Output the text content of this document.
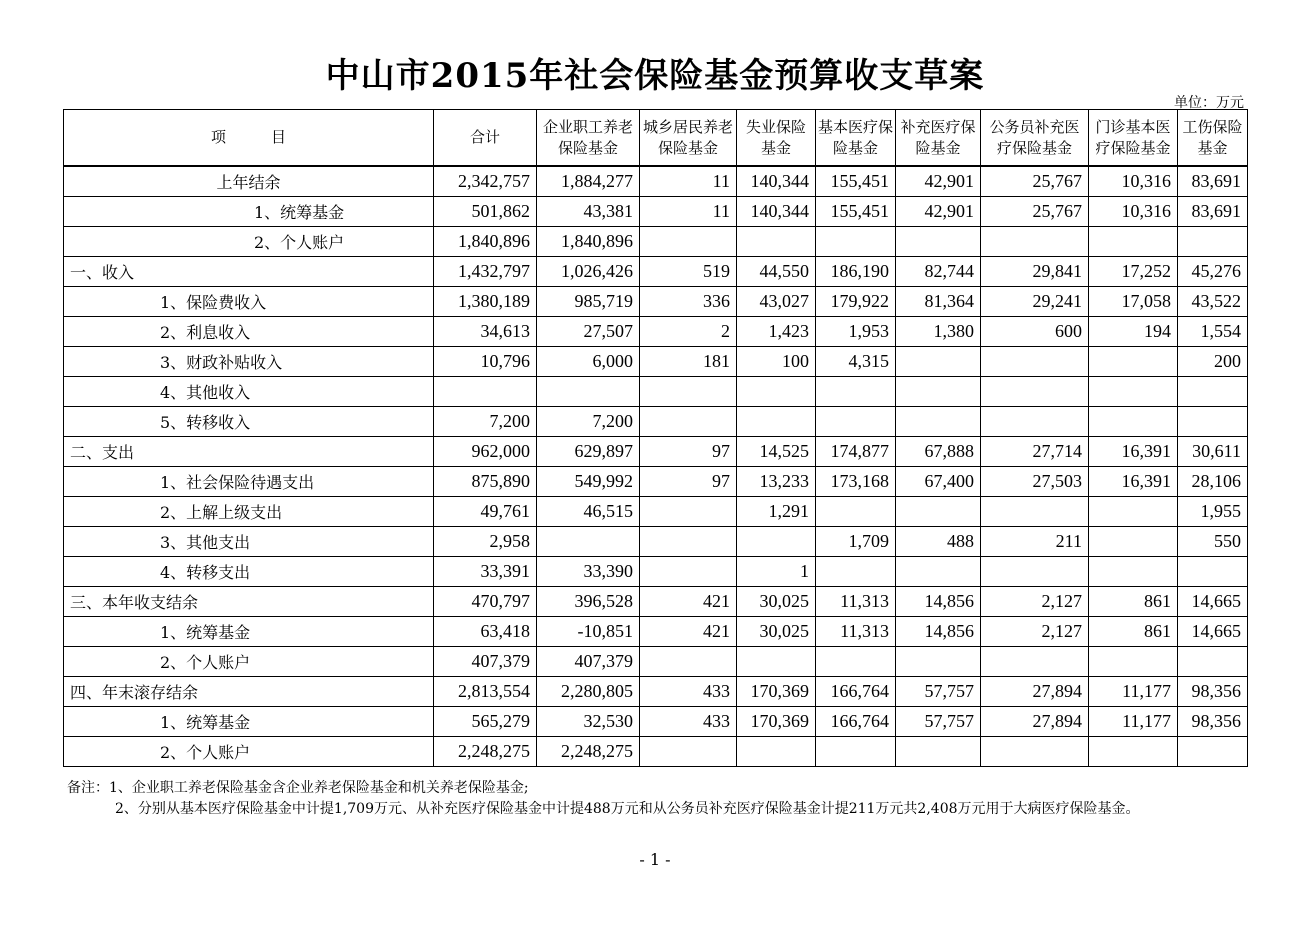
中山市2015年社会保险基金预算收支草案
单位：万元
项　　　目	合计	企业职工养老保险基金	城乡居民养老保险基金	失业保险基金	基本医疗保险基金	补充医疗保险基金	公务员补充医疗保险基金	门诊基本医疗保险基金	工伤保险基金
上年结余	2,342,757	1,884,277	11	140,344	155,451	42,901	25,767	10,316	83,691
1、统筹基金	501,862	43,381	11	140,344	155,451	42,901	25,767	10,316	83,691
2、个人账户	1,840,896	1,840,896							
一、收入	1,432,797	1,026,426	519	44,550	186,190	82,744	29,841	17,252	45,276
1、保险费收入	1,380,189	985,719	336	43,027	179,922	81,364	29,241	17,058	43,522
2、利息收入	34,613	27,507	2	1,423	1,953	1,380	600	194	1,554
3、财政补贴收入	10,796	6,000	181	100	4,315				200
4、其他收入									
5、转移收入	7,200	7,200							
二、支出	962,000	629,897	97	14,525	174,877	67,888	27,714	16,391	30,611
1、社会保险待遇支出	875,890	549,992	97	13,233	173,168	67,400	27,503	16,391	28,106
2、上解上级支出	49,761	46,515		1,291					1,955
3、其他支出	2,958				1,709	488	211		550
4、转移支出	33,391	33,390		1					
三、本年收支结余	470,797	396,528	421	30,025	11,313	14,856	2,127	861	14,665
1、统筹基金	63,418	-10,851	421	30,025	11,313	14,856	2,127	861	14,665
2、个人账户	407,379	407,379							
四、年末滚存结余	2,813,554	2,280,805	433	170,369	166,764	57,757	27,894	11,177	98,356
1、统筹基金	565,279	32,530	433	170,369	166,764	57,757	27,894	11,177	98,356
2、个人账户	2,248,275	2,248,275							
备注：1、企业职工养老保险基金含企业养老保险基金和机关养老保险基金;
2、分别从基本医疗保险基金中计提1,709万元、从补充医疗保险基金中计提488万元和从公务员补充医疗保险基金计提211万元共2,408万元用于大病医疗保险基金。
- 1 -
